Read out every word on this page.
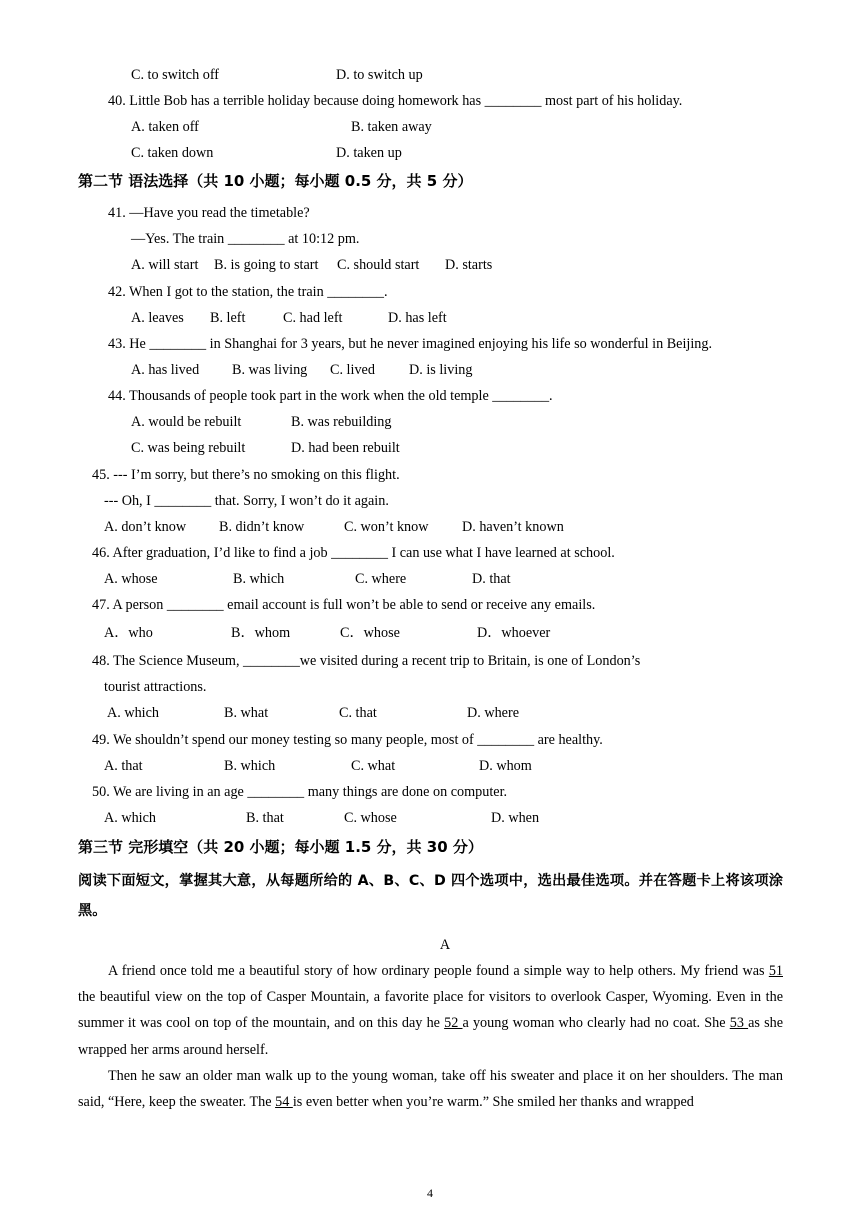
C. to switch off	D. to switch up
40. Little Bob has a terrible holiday because doing homework has ________ most part of his holiday.
A. taken off	B. taken away
C. taken down	D. taken up
第二节 语法选择（共 10 小题；每小题 0.5 分，共 5 分）
41. —Have you read the timetable?
—Yes. The train ________ at 10:12 pm.
A. will start B. is going to start C. should start D. starts
42. When I got to the station, the train ________.
A. leaves B. left	C. had left	D. has left
43. He ________ in Shanghai for 3 years, but he never imagined enjoying his life so wonderful in Beijing.
A. has lived B. was living C. lived D. is living
44. Thousands of people took part in the work when the old temple ________.
A. would be rebuilt	B. was rebuilding
C. was being rebuilt	D. had been rebuilt
45. --- I’m sorry, but there’s no smoking on this flight.
--- Oh, I ________ that. Sorry, I won’t do it again.
A. don’t know B. didn’t know	C. won’t know D. haven’t known
46. After graduation, I’d like to find a job ________ I can use what I have learned at school.
A. whose	B. which	C. where	D. that
47. A person ________ email account is full won’t be able to send or receive any emails.
A．who	B．whom	C．whose	D．whoever
48. The Science Museum, ________we visited during a recent trip to Britain, is one of London’s
tourist attractions.
A. which	B. what	C. that	D. where
49. We shouldn’t spend our money testing so many people, most of ________ are healthy.
A. that	B. which	C. what	D. whom
50. We are living in an age ________ many things are done on computer.
A. which	B. that	C. whose	D. when
第三节 完形填空（共 20 小题；每小题 1.5 分，共 30 分）
阅读下面短文，掌握其大意，从每题所给的 A、B、C、D 四个选项中，选出最佳选项。并在答题卡上将该项涂黑。
A
A friend once told me a beautiful story of how ordinary people found a simple way to help others. My friend was 51 the beautiful view on the top of Casper Mountain, a favorite place for visitors to overlook Casper, Wyoming. Even in the summer it was cool on top of the mountain, and on this day he 52 a young woman who clearly had no coat. She 53 as she wrapped her arms around herself.
Then he saw an older man walk up to the young woman, take off his sweater and place it on her shoulders. The man said, “Here, keep the sweater. The 54 is even better when you’re warm.” She smiled her thanks and wrapped
4
